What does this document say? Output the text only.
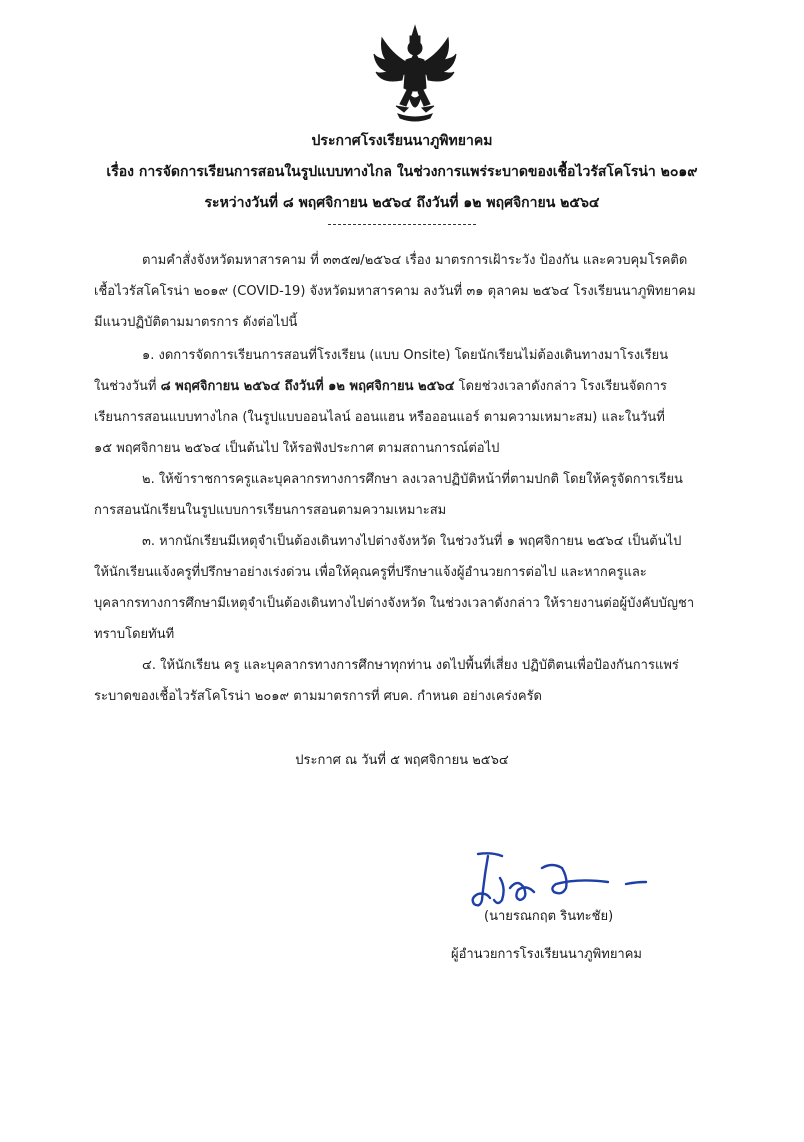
ประกาศโรงเรียนนาภูพิทยาคม
เรื่อง การจัดการเรียนการสอนในรูปแบบทางไกล ในช่วงการแพร่ระบาดของเชื้อไวรัสโคโรน่า ๒๐๑๙
ระหว่างวันที่ ๘ พฤศจิกายน ๒๕๖๔ ถึงวันที่ ๑๒ พฤศจิกายน ๒๕๖๔
ตามคำสั่งจังหวัดมหาสารคาม ที่ ๓๓๕๗/๒๕๖๔ เรื่อง มาตรการเฝ้าระวัง ป้องกัน และควบคุมโรคติด
เชื้อไวรัสโคโรน่า ๒๐๑๙ (COVID-19) จังหวัดมหาสารคาม ลงวันที่ ๓๑ ตุลาคม ๒๕๖๔ โรงเรียนนาภูพิทยาคม
มีแนวปฏิบัติตามมาตรการ ดังต่อไปนี้
๑. งดการจัดการเรียนการสอนที่โรงเรียน (แบบ Onsite) โดยนักเรียนไม่ต้องเดินทางมาโรงเรียน
ในช่วงวันที่ ๘ พฤศจิกายน ๒๕๖๔ ถึงวันที่ ๑๒ พฤศจิกายน ๒๕๖๔ โดยช่วงเวลาดังกล่าว โรงเรียนจัดการ
เรียนการสอนแบบทางไกล (ในรูปแบบออนไลน์ ออนแฮน หรือออนแอร์ ตามความเหมาะสม) และในวันที่
๑๕ พฤศจิกายน ๒๕๖๔ เป็นต้นไป ให้รอฟังประกาศ ตามสถานการณ์ต่อไป
๒. ให้ข้าราชการครูและบุคลากรทางการศึกษา ลงเวลาปฏิบัติหน้าที่ตามปกติ โดยให้ครูจัดการเรียน
การสอนนักเรียนในรูปแบบการเรียนการสอนตามความเหมาะสม
๓. หากนักเรียนมีเหตุจำเป็นต้องเดินทางไปต่างจังหวัด ในช่วงวันที่ ๑ พฤศจิกายน ๒๕๖๔ เป็นต้นไป
ให้นักเรียนแจ้งครูที่ปรึกษาอย่างเร่งด่วน เพื่อให้คุณครูที่ปรึกษาแจ้งผู้อำนวยการต่อไป และหากครูและ
บุคลากรทางการศึกษามีเหตุจำเป็นต้องเดินทางไปต่างจังหวัด ในช่วงเวลาดังกล่าว ให้รายงานต่อผู้บังคับบัญชา
ทราบโดยทันที
๔. ให้นักเรียน ครู และบุคลากรทางการศึกษาทุกท่าน งดไปพื้นที่เสี่ยง ปฏิบัติตนเพื่อป้องกันการแพร่
ระบาดของเชื้อไวรัสโคโรน่า ๒๐๑๙ ตามมาตรการที่ ศบค. กำหนด อย่างเคร่งครัด
ประกาศ ณ วันที่ ๕ พฤศจิกายน ๒๕๖๔
(นายรณกฤต รินทะชัย)
ผู้อำนวยการโรงเรียนนาภูพิทยาคม
